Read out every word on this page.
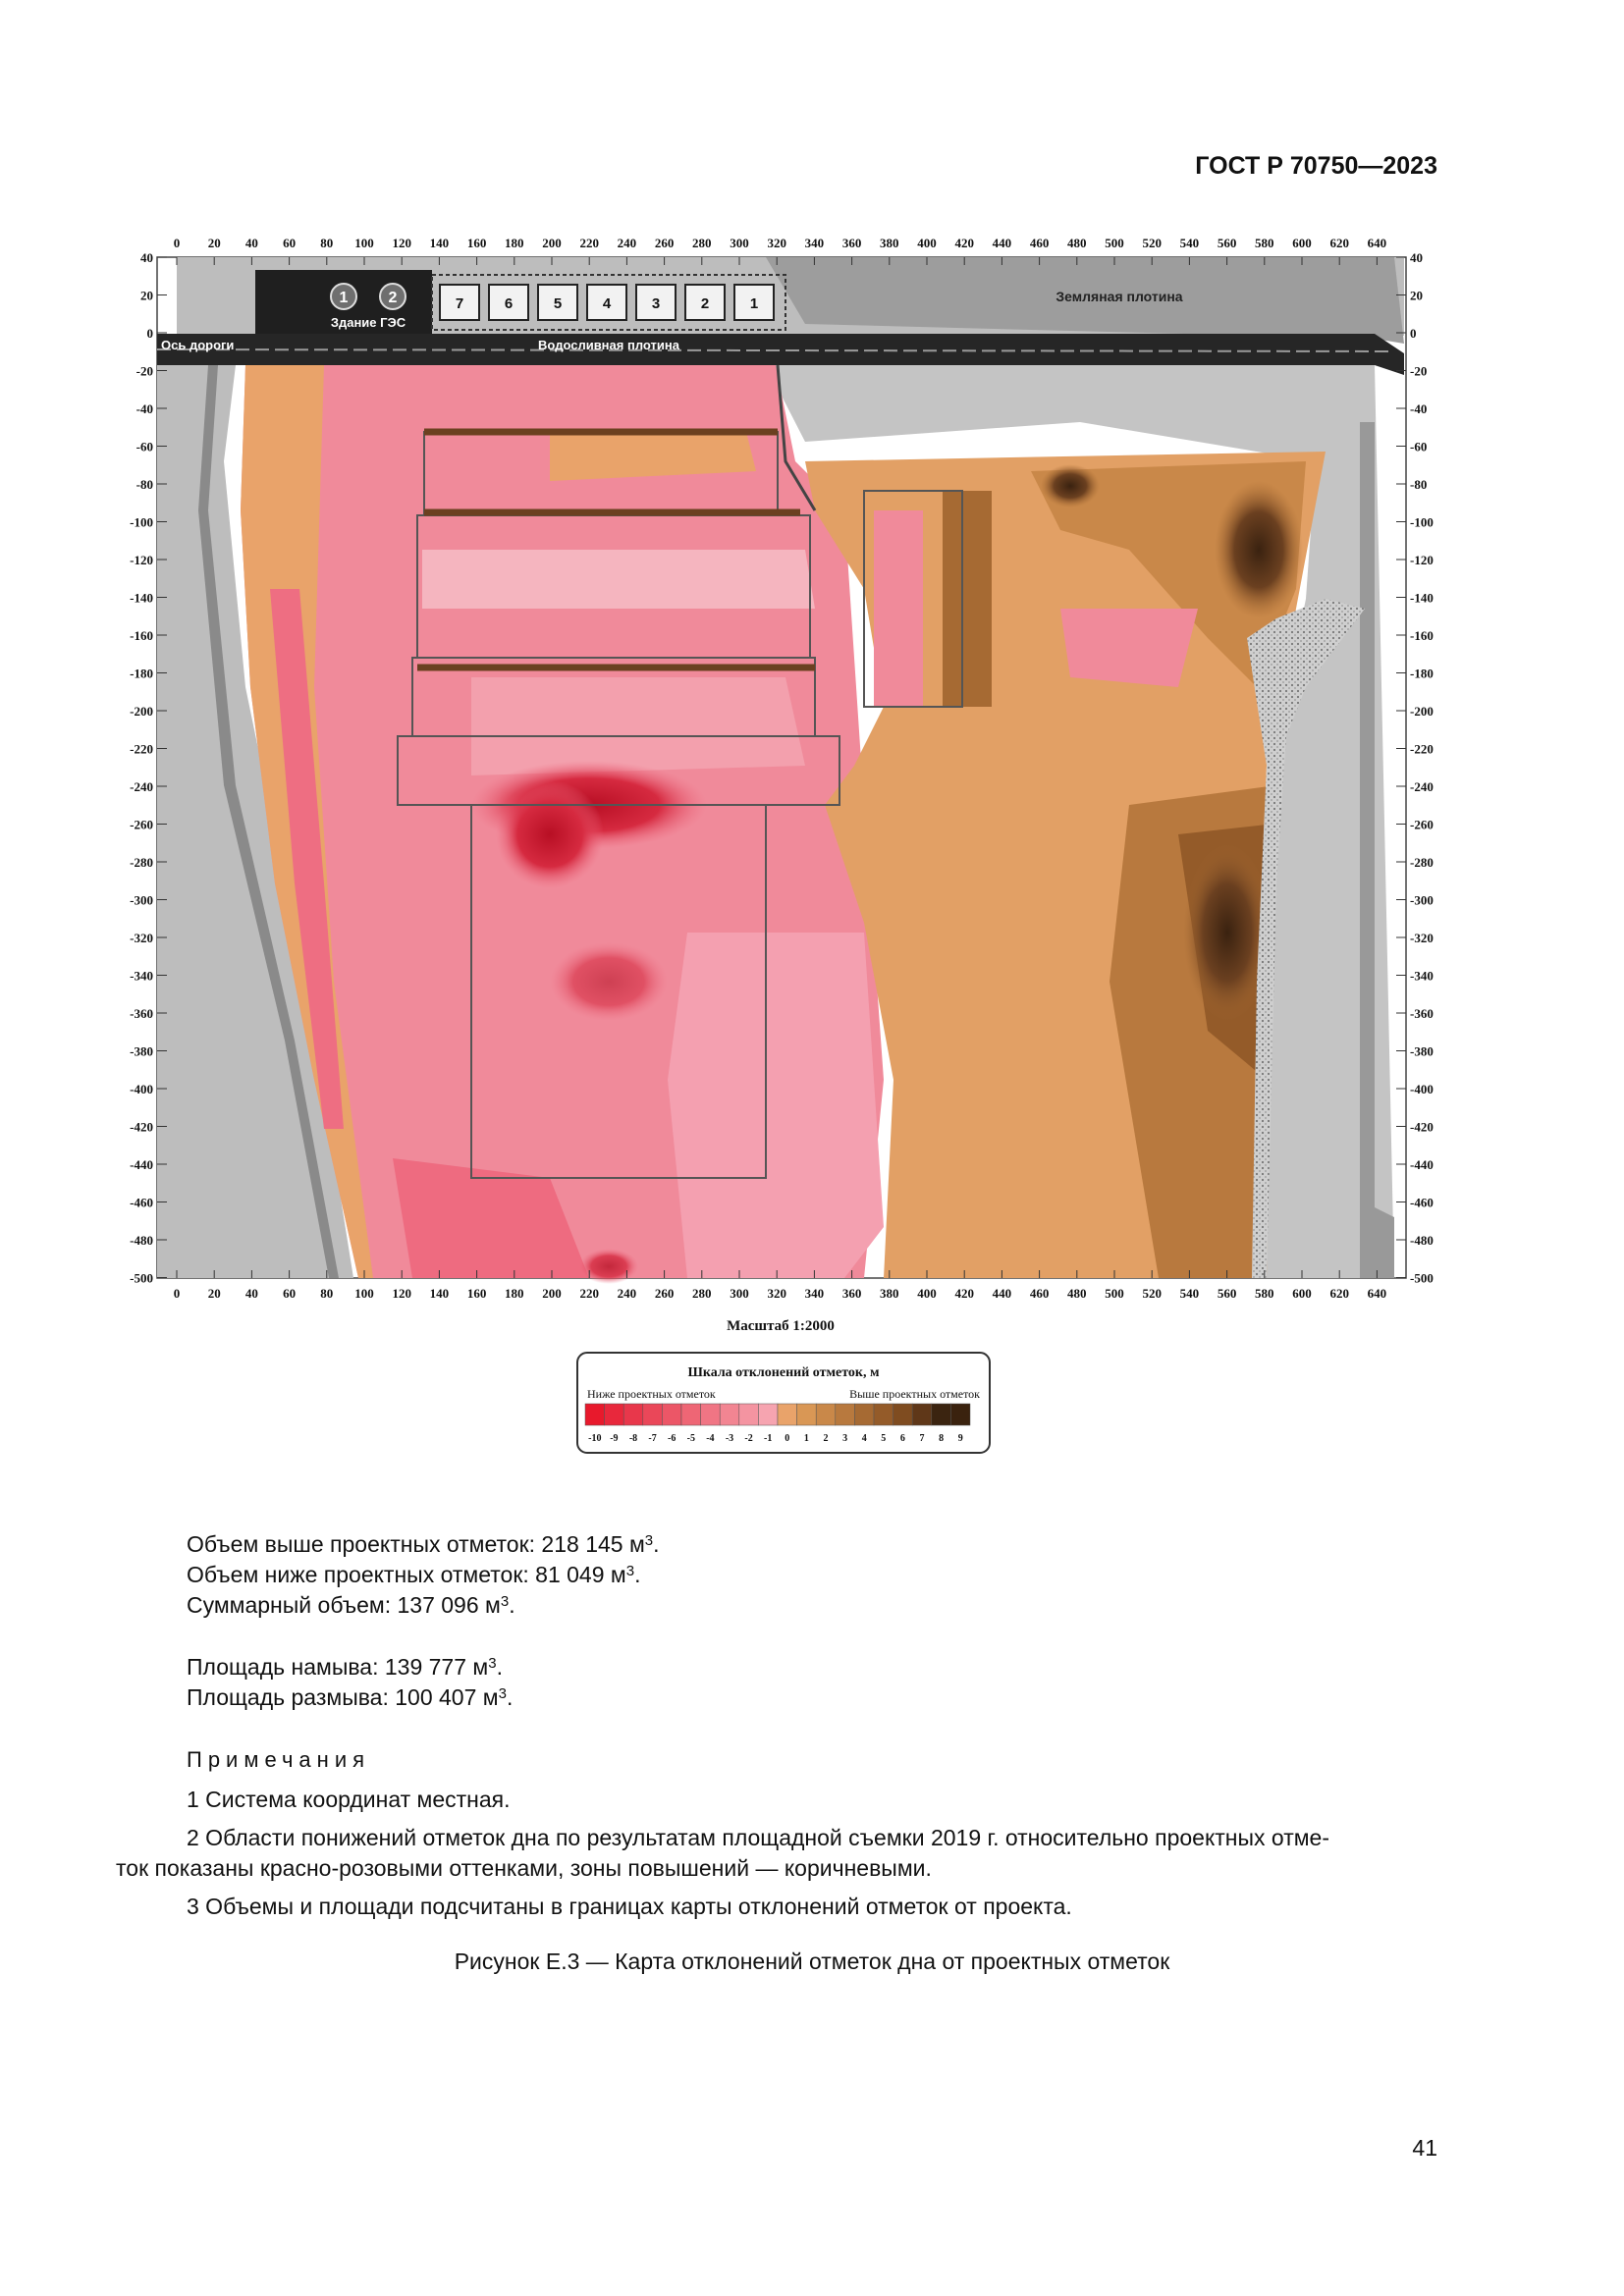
ГОСТ Р 70750—2023
1	2
Здание ГЭС
7	6	5	4	3	2	1	Земляная плотина
Ось дороги	Водосливная плотина
0
0
20
20
40
40
60
60
80
80
100
100
120
120
140
140
160
160
180
180
200
200
220
220
240
240
260
260
280
280
300
300
320
320
340
340
360
360
380
380
400
400
420
420
440
440
460
460
480
480
500
500
520
520
540
540
560
560
580
580
600
600
620
620
640
640
40	40
20	20
0	0
-20	-20
-40	-40
-60	-60
-80	-80
-100	-100
-120	-120
-140	-140
-160	-160
-180	-180
-200	-200
-220	-220
-240	-240
-260	-260
-280	-280
-300	-300
-320	-320
-340	-340
-360	-360
-380	-380
-400	-400
-420	-420
-440	-440
-460	-460
-480	-480
-500	-500
Масштаб 1:2000
Шкала отклонений отметок, м
Ниже проектных отметок	Выше проектных отметок
-10 -9 -8 -7 -6 -5 -4 -3 -2 -1 0 1 2 3 4 5 6 7 8 9
Объем выше проектных отметок: 218 145 $м^3$.
Объем ниже проектных отметок: 81 049 $м^3$.
Суммарный объем: 137 096 $м^3$.
Площадь намыва: 139 777 $м^3$.
Площадь размыва: 100 407 $м^3$.
Примечания
1 Система координат местная.
2 Области понижений отметок дна по результатам площадной съемки 2019 г. относительно проектных отме-
ток показаны красно-розовыми оттенками, зоны повышений — коричневыми.
3 Объемы и площади подсчитаны в границах карты отклонений отметок от проекта.
Рисунок Е.3 — Карта отклонений отметок дна от проектных отметок
41
